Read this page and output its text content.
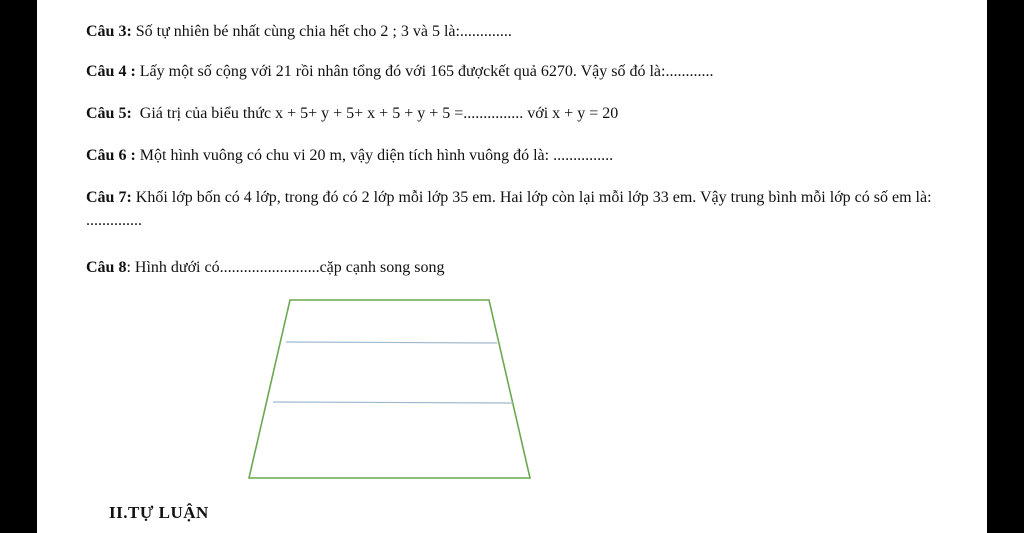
Câu 3: Số tự nhiên bé nhất cùng chia hết cho 2 ; 3 và 5 là:.............
Câu 4 : Lấy một số cộng với 21 rồi nhân tổng đó với 165 đượckết quả 6270. Vậy số đó là:............
Câu 5:  Giá trị của biểu thức x + 5+ y + 5+ x + 5 + y + 5 =............... với x + y = 20
Câu 6 : Một hình vuông có chu vi 20 m, vậy diện tích hình vuông đó là: ...............
Câu 7: Khối lớp bốn có 4 lớp, trong đó có 2 lớp mỗi lớp 35 em. Hai lớp còn lại mỗi lớp 33 em. Vậy trung bình mỗi lớp có số em là: ..............
Câu 8: Hình dưới có.........................cặp cạnh song song
II.TỰ LUẬN
